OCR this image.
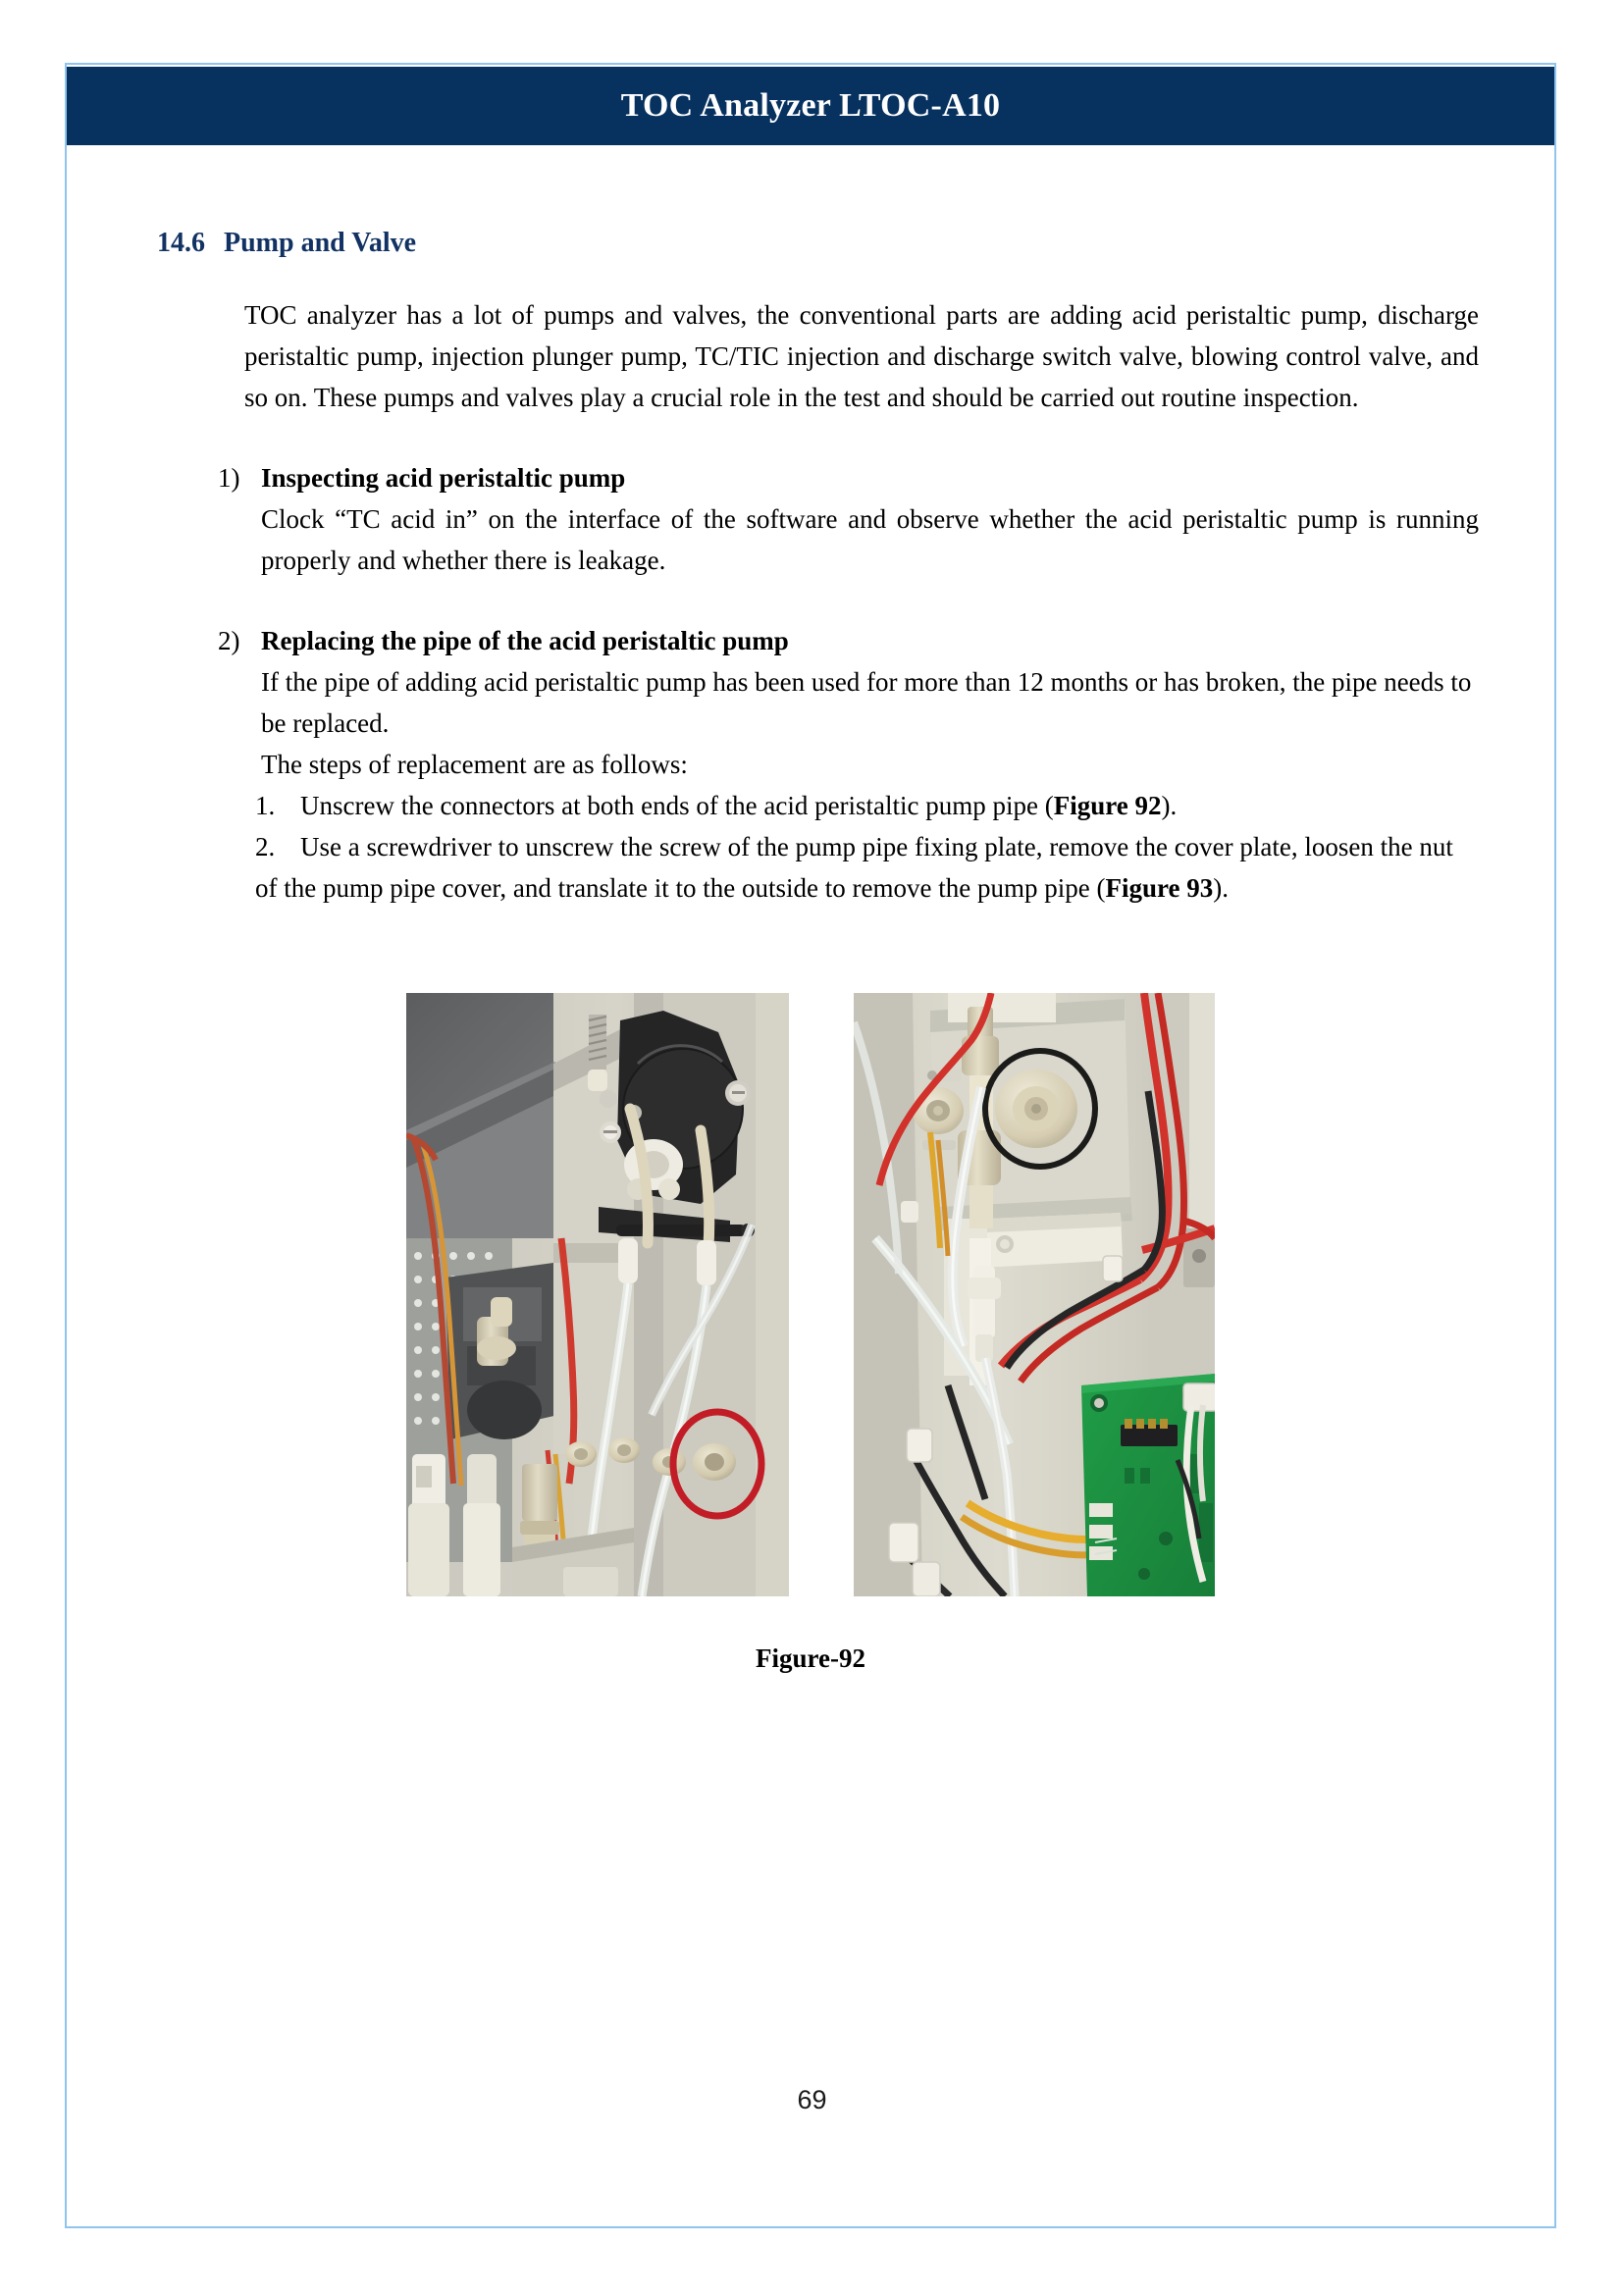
TOC Analyzer LTOC-A10
14.6 Pump and Valve

TOC analyzer has a lot of pumps and valves, the conventional parts are adding acid peristaltic pump, discharge peristaltic pump, injection plunger pump, TC/TIC injection and discharge switch valve, blowing control valve, and so on. These pumps and valves play a crucial role in the test and should be carried out routine inspection.

1) Inspecting acid peristaltic pump
Clock “TC acid in” on the interface of the software and observe whether the acid peristaltic pump is running properly and whether there is leakage.
2) Replacing the pipe of the acid peristaltic pump
If the pipe of adding acid peristaltic pump has been used for more than 12 months or has broken, the pipe needs to be replaced.
The steps of replacement are as follows:
1. Unscrew the connectors at both ends of the acid peristaltic pump pipe (Figure 92).
2. Use a screwdriver to unscrew the screw of the pump pipe fixing plate, remove the cover plate, loosen the nut of the pump pipe cover, and translate it to the outside to remove the pump pipe (Figure 93).
Figure-92
69
